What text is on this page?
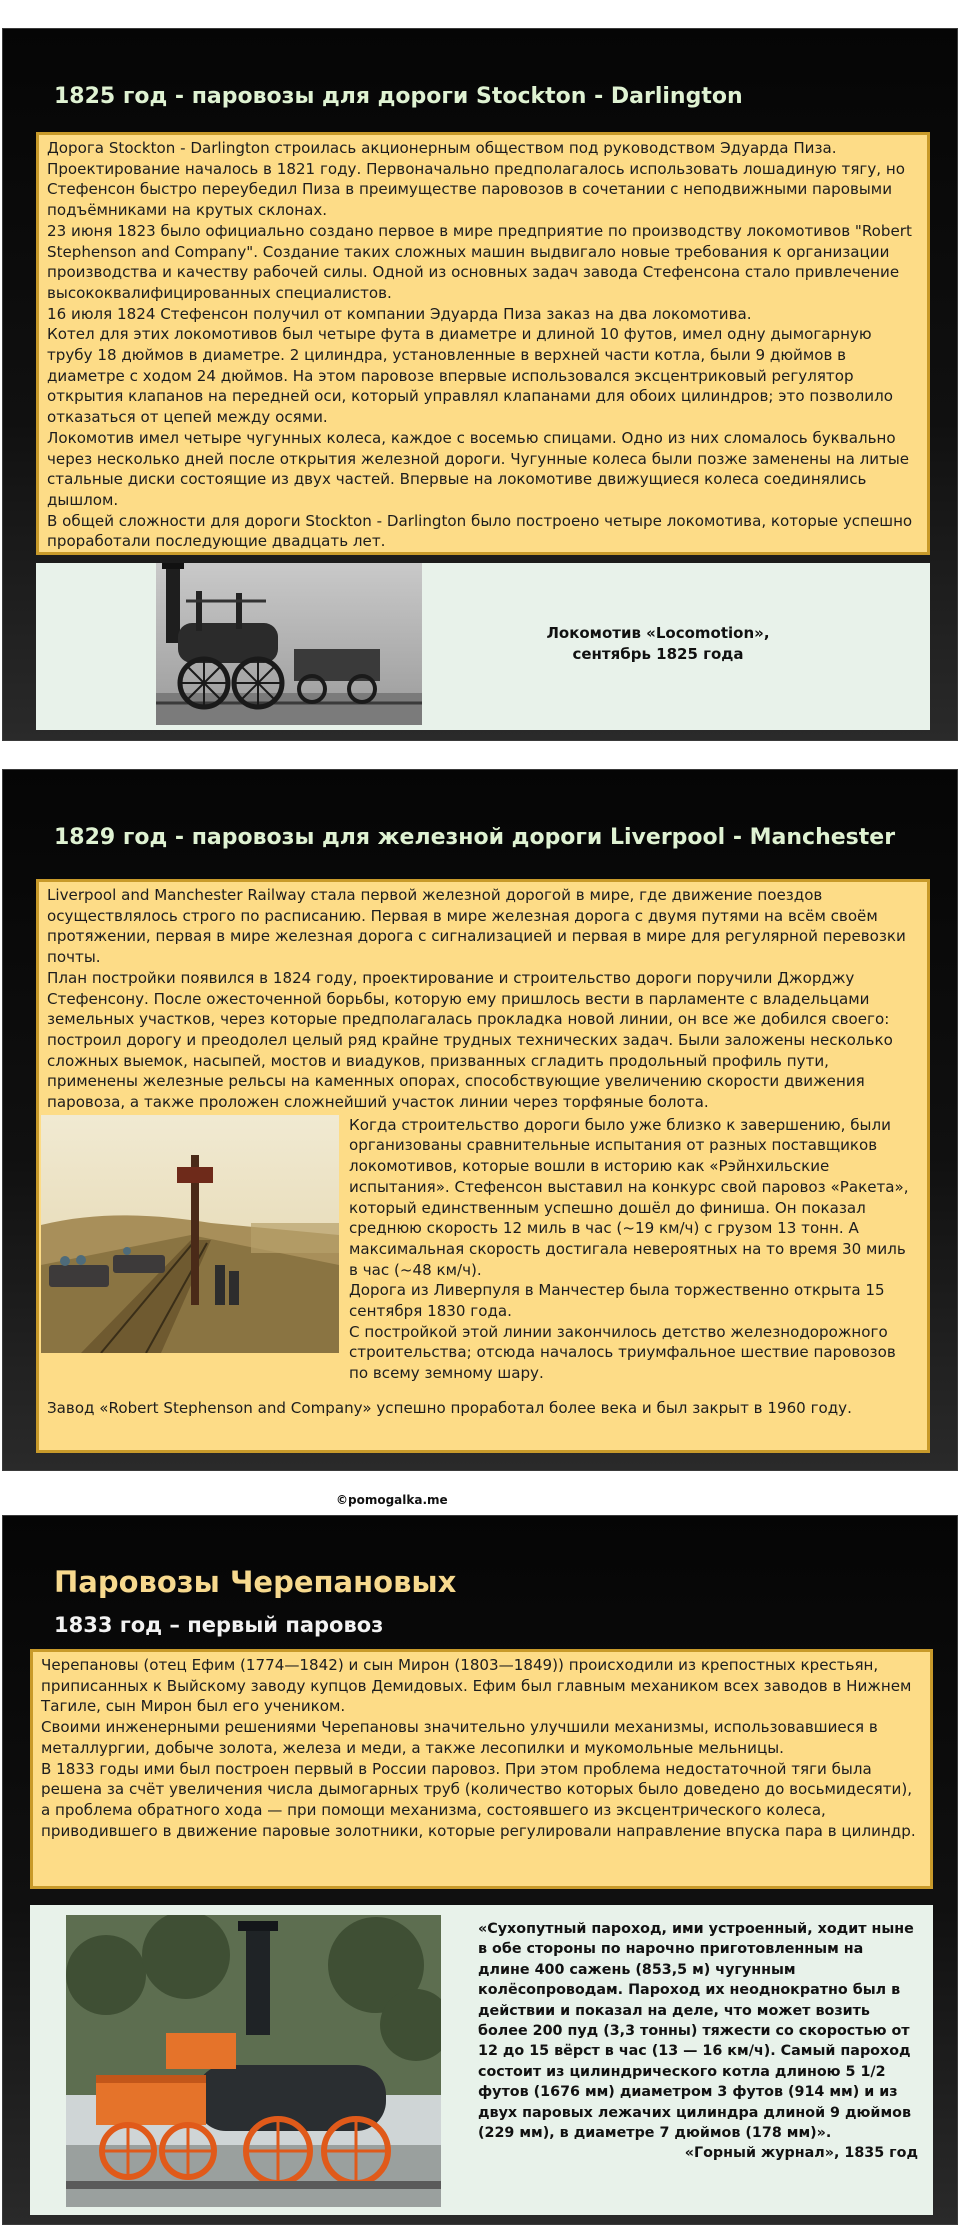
1825 год - паровозы для дороги Stockton - Darlington

Дорога Stockton - Darlington строилась акционерным обществом под руководством Эдуарда Пиза. Проектирование началось в 1821 году. Первоначально предполагалось использовать лошадиную тягу, но Стефенсон быстро переубедил Пиза в преимуществе паровозов в сочетании с неподвижными паровыми подъёмниками на крутых склонах.

23 июня 1823 было официально создано первое в мире предприятие по производству локомотивов "Robert Stephenson and Company". Создание таких сложных машин выдвигало новые требования к организации производства и качеству рабочей силы. Одной из основных задач завода Стефенсона стало привлечение высококвалифицированных специалистов.

16 июля 1824 Стефенсон получил от компании Эдуарда Пиза заказ на два локомотива.

Котел для этих локомотивов был четыре фута в диаметре и длиной 10 футов, имел одну дымогарную трубу 18 дюймов в диаметре. 2 цилиндра, установленные в верхней части котла, были 9 дюймов в диаметре с ходом 24 дюймов. На этом паровозе впервые использовался эксцентриковый регулятор открытия клапанов на передней оси, который управлял клапанами для обоих цилиндров; это позволило отказаться от цепей между осями.

Локомотив имел четыре чугунных колеса, каждое с восемью спицами. Одно из них сломалось буквально через несколько дней после открытия железной дороги. Чугунные колеса были позже заменены на литые стальные диски состоящие из двух частей. Впервые на локомотиве движущиеся колеса соединялись дышлом.

В общей сложности для дороги Stockton - Darlington было построено четыре локомотива, которые успешно проработали последующие двадцать лет.

Локомотив «Locomotion»,
сентябрь 1825 года
1829 год - паровозы для железной дороги Liverpool - Manchester

Liverpool and Manchester Railway стала первой железной дорогой в мире, где движение поездов осуществлялось строго по расписанию. Первая в мире железная дорога с двумя путями на всём своём протяжении, первая в мире железная дорога с сигнализацией и первая в мире для регулярной перевозки почты.

План постройки появился в 1824 году, проектирование и строительство дороги поручили Джорджу Стефенсону. После ожесточенной борьбы, которую ему пришлось вести в парламенте с владельцами земельных участков, через которые предполагалась прокладка новой линии, он все же добился своего: построил дорогу и преодолел целый ряд крайне трудных технических задач. Были заложены несколько сложных выемок, насыпей, мостов и виадуков, призванных сгладить продольный профиль пути, применены железные рельсы на каменных опорах, способствующие увеличению скорости движения паровоза, а также проложен сложнейший участок линии через торфяные болота.

Когда строительство дороги было уже близко к завершению, были организованы сравнительные испытания от разных поставщиков локомотивов, которые вошли в историю как «Рэйнхильские испытания». Стефенсон выставил на конкурс свой паровоз «Ракета», который единственным успешно дошёл до финиша. Он показал среднюю скорость 12 миль в час (~19 км/ч) с грузом 13 тонн. А максимальная скорость достигала невероятных на то время 30 миль в час (~48 км/ч).

Дорога из Ливерпуля в Манчестер была торжественно открыта 15 сентября 1830 года.

С постройкой этой линии закончилось детство железнодорожного строительства; отсюда началось триумфальное шествие паровозов по всему земному шару.

Завод «Robert Stephenson and Company» успешно проработал более века и был закрыт в 1960 году.

©pomogalka.me
Паровозы Черепановых
1833 год – первый паровоз

Черепановы (отец Ефим (1774—1842) и сын Мирон (1803—1849)) происходили из крепостных крестьян, приписанных к Выйскому заводу купцов Демидовых. Ефим был главным механиком всех заводов в Нижнем Тагиле, сын Мирон был его учеником.

Своими инженерными решениями Черепановы значительно улучшили механизмы, использовавшиеся в металлургии, добыче золота, железа и меди, а также лесопилки и мукомольные мельницы.

В 1833 годы ими был построен первый в России паровоз. При этом проблема недостаточной тяги была решена за счёт увеличения числа дымогарных труб (количество которых было доведено до восьмидесяти), а проблема обратного хода — при помощи механизма, состоявшего из эксцентрического колеса, приводившего в движение паровые золотники, которые регулировали направление впуска пара в цилиндр.

«Сухопутный пароход, ими устроенный, ходит ныне в обе стороны по нарочно приготовленным на длине 400 сажень (853,5 м) чугунным колёсопроводам. Пароход их неоднократно был в действии и показал на деле, что может возить более 200 пуд (3,3 тонны) тяжести со скоростью от 12 до 15 вёрст в час (13 — 16 км/ч). Самый пароход состоит из цилиндрического котла длиною 5 1/2 футов (1676 мм) диаметром 3 футов (914 мм) и из двух паровых лежачих цилиндра длиной 9 дюймов (229 мм), в диаметре 7 дюймов (178 мм)».
«Горный журнал», 1835 год
